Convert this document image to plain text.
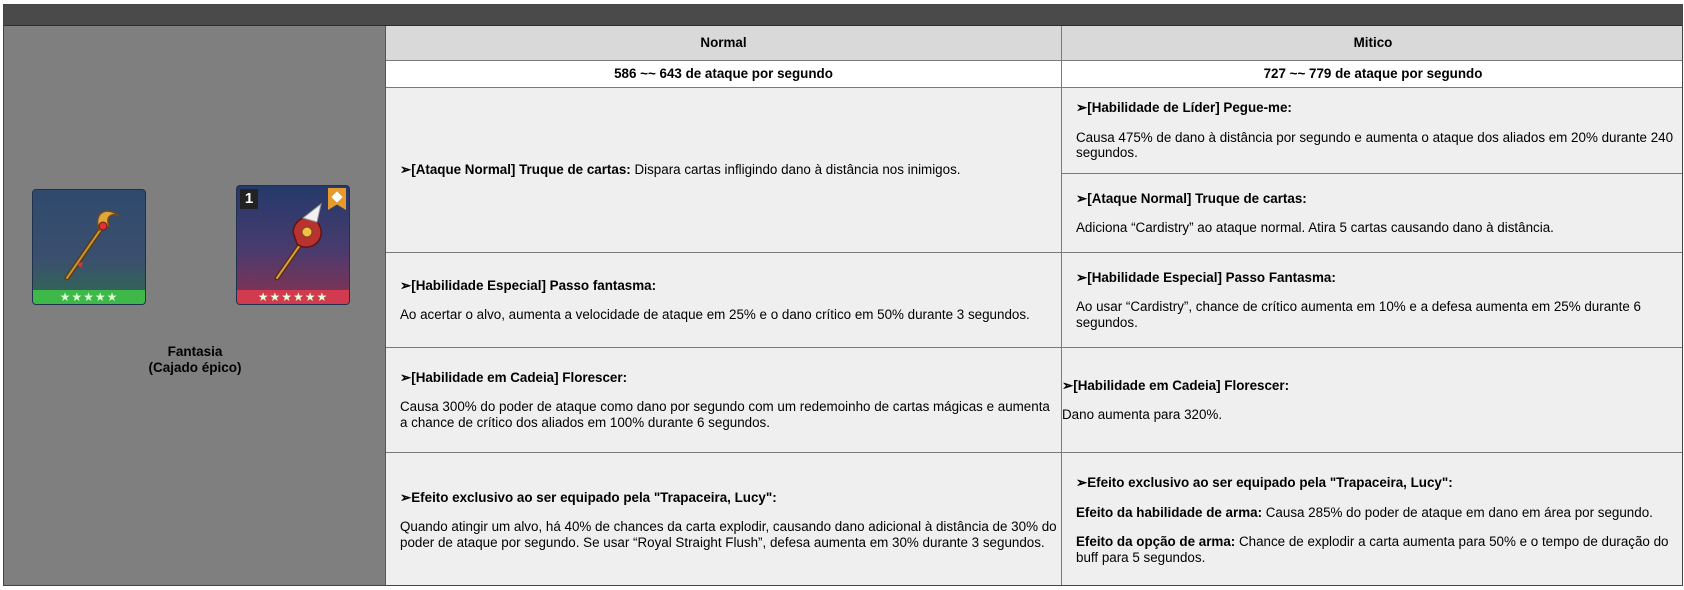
★★★★★
1
★★★★★★
Fantasia
(Cajado épico)
Normal	Mitico
586 ~~ 643 de ataque por segundo	727 ~~ 779 de ataque por segundo
➢[Ataque Normal] Truque de cartas: Dispara cartas infligindo dano à distância nos inimigos.
➢[Habilidade de Líder] Pegue-me:
Causa 475% de dano à distância por segundo e aumenta o ataque dos aliados em 20% durante 240 segundos.
➢[Ataque Normal] Truque de cartas:
Adiciona “Cardistry” ao ataque normal. Atira 5 cartas causando dano à distância.
➢[Habilidade Especial] Passo fantasma:
Ao acertar o alvo, aumenta a velocidade de ataque em 25% e o dano crítico em 50% durante 3 segundos.
➢[Habilidade Especial] Passo Fantasma:
Ao usar “Cardistry”, chance de crítico aumenta em 10% e a defesa aumenta em 25% durante 6 segundos.
➢[Habilidade em Cadeia] Florescer:
Causa 300% do poder de ataque como dano por segundo com um redemoinho de cartas mágicas e aumenta a chance de crítico dos aliados em 100% durante 6 segundos.
➢[Habilidade em Cadeia] Florescer:
Dano aumenta para 320%.
➢Efeito exclusivo ao ser equipado pela "Trapaceira, Lucy":
Quando atingir um alvo, há 40% de chances da carta explodir, causando dano adicional à distância de 30% do poder de ataque por segundo. Se usar “Royal Straight Flush”, defesa aumenta em 30% durante 3 segundos.
➢Efeito exclusivo ao ser equipado pela "Trapaceira, Lucy":
Efeito da habilidade de arma: Causa 285% do poder de ataque em dano em área por segundo.
Efeito da opção de arma: Chance de explodir a carta aumenta para 50% e o tempo de duração do buff para 5 segundos.
